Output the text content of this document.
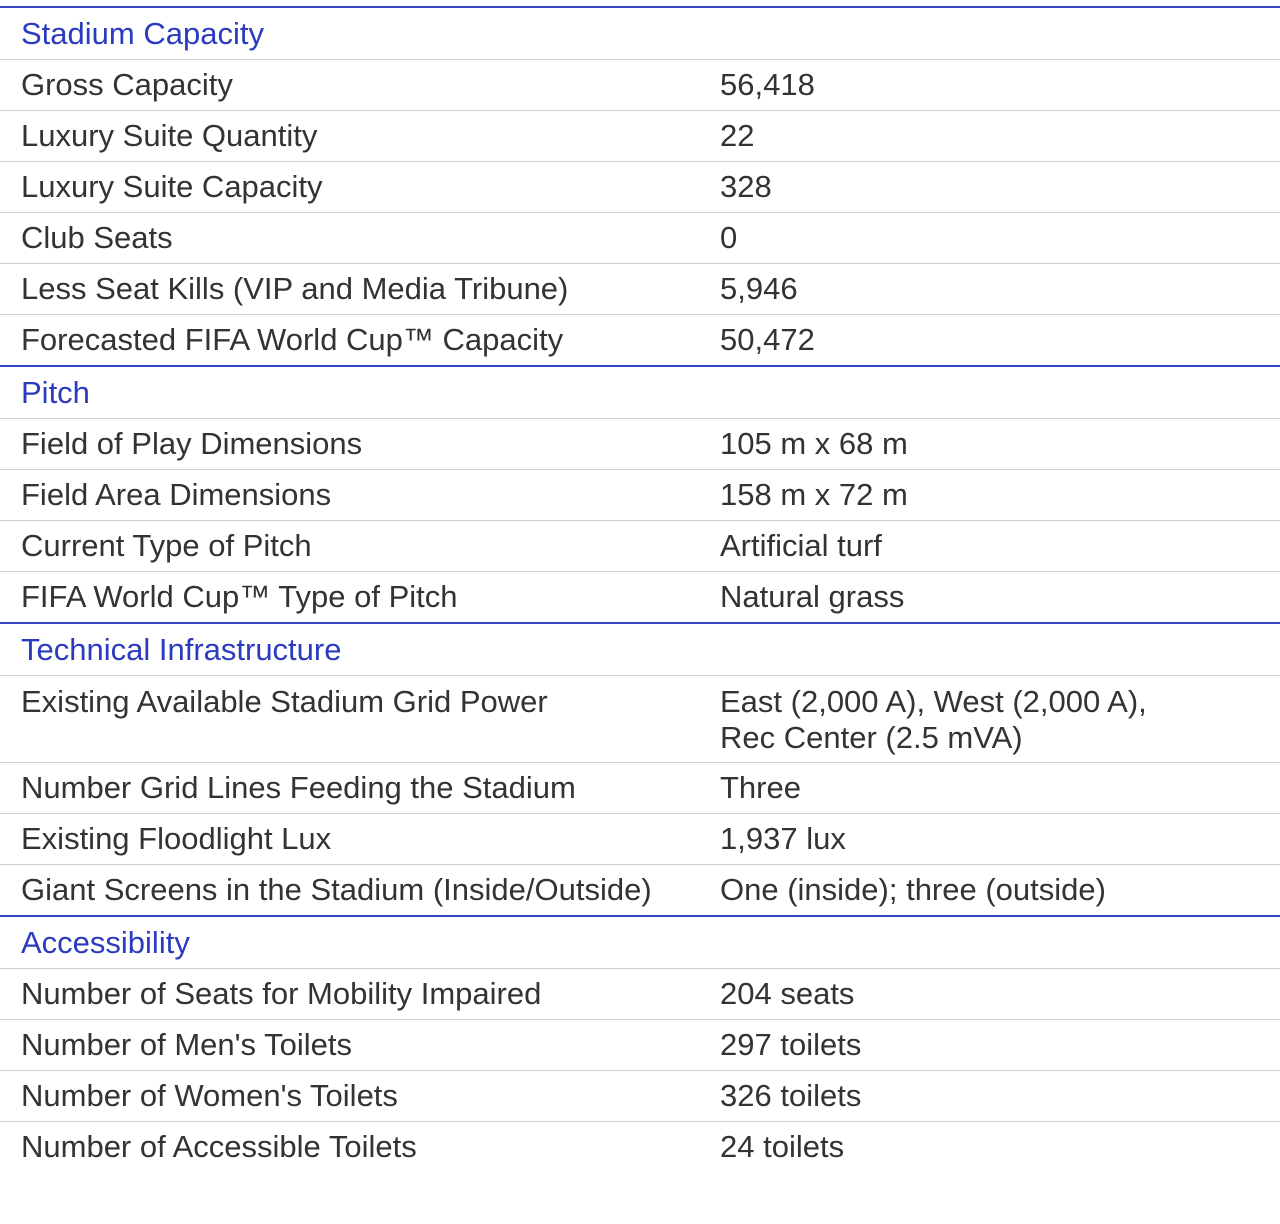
Stadium Capacity
Gross Capacity	56,418
Luxury Suite Quantity	22
Luxury Suite Capacity	328
Club Seats	0
Less Seat Kills (VIP and Media Tribune)	5,946
Forecasted FIFA World Cup™ Capacity	50,472
Pitch
Field of Play Dimensions	105 m x 68 m
Field Area Dimensions	158 m x 72 m
Current Type of Pitch	Artificial turf
FIFA World Cup™ Type of Pitch	Natural grass
Technical Infrastructure
Existing Available Stadium Grid Power	East (2,000 A), West (2,000 A),
Rec Center (2.5 mVA)
Number Grid Lines Feeding the Stadium	Three
Existing Floodlight Lux	1,937 lux
Giant Screens in the Stadium (Inside/Outside)	One (inside); three (outside)
Accessibility
Number of Seats for Mobility Impaired	204 seats
Number of Men's Toilets	297 toilets
Number of Women's Toilets	326 toilets
Number of Accessible Toilets	24 toilets
